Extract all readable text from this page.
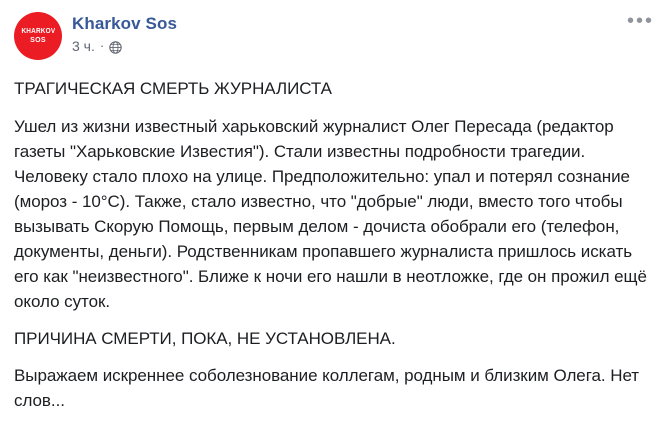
KHARKOV
SOS
Kharkov Sos
3 ч. ·
•••

ТРАГИЧЕСКАЯ СМЕРТЬ ЖУРНАЛИСТА

Ушел из жизни известный харьковский журналист Олег Пересада (редактор газеты "Харьковские Известия"). Стали известны подробности трагедии. Человеку стало плохо на улице. Предположительно: упал и потерял сознание (мороз - 10°С). Также, стало известно, что "добрые" люди, вместо того чтобы вызывать Скорую Помощь, первым делом - дочиста обобрали его (телефон, документы, деньги). Родственникам пропавшего журналиста пришлось искать его как "неизвестного". Ближе к ночи его нашли в неотложке, где он прожил ещё около суток.

ПРИЧИНА СМЕРТИ, ПОКА, НЕ УСТАНОВЛЕНА.

Выражаем искреннее соболезнование коллегам, родным и близким Олега. Нет слов...
